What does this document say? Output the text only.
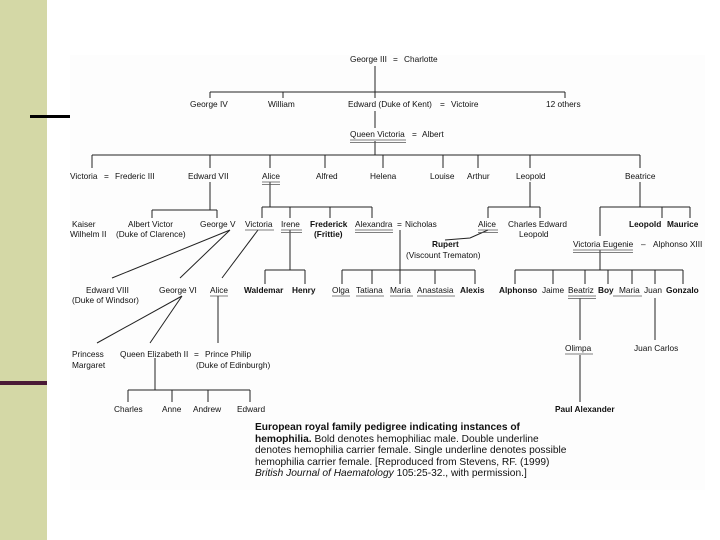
George III = Charlotte
George IV	William	Edward (Duke of Kent) = Victoire	12 others
Queen Victoria = Albert
Victoria = Frederic III	Edward VII	Alice	Alfred	Helena	Louise Arthur	Leopold	Beatrice
Kaiser
Wilhelm II
Albert Victor
(Duke of Clarence)
George V Victoria Irene Frederick
(Frittie)
Alexandra = Nicholas	Alice Charles Edward
Leopold
Leopold Maurice
Rupert
(Viscount Trematon)
Victoria Eugenie – Alphonso XIII
Edward VIII
(Duke of Windsor)
George VI Alice Waldemar Henry Olga Tatiana Maria Anastasia Alexis Alphonso Jaime Beatriz Boy Maria Juan Gonzalo
Princess
Margaret
Queen Elizabeth II = Prince Philip
(Duke of Edinburgh)
Olimpa	Juan Carlos
Charles Anne Andrew Edward	Paul Alexander
European royal family pedigree indicating instances of hemophilia. Bold denotes hemophiliac male. Double underline denotes hemophilia carrier female. Single underline denotes possible hemophilia carrier female. [Reproduced from Stevens, RF. (1999) British Journal of Haematology 105:25-32., with permission.]
